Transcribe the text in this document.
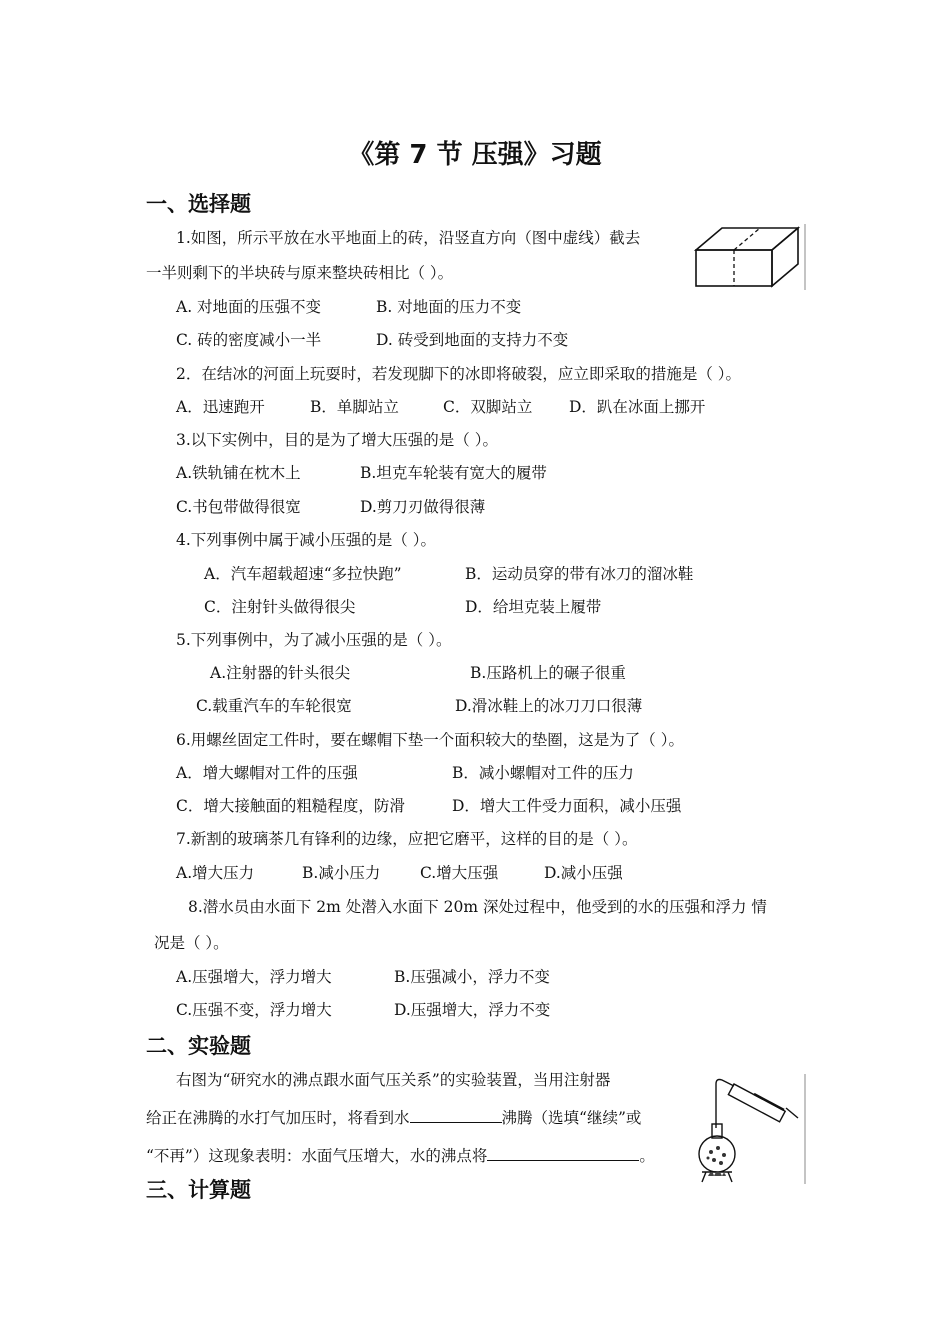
《第 7 节 压强》习题
一、选择题
1.如图，所示平放在水平地面上的砖，沿竖直方向（图中虚线）截去
一半则剩下的半块砖与原来整块砖相比（ ）。
A. 对地面的压强不变	B. 对地面的压力不变
C. 砖的密度减小一半	D. 砖受到地面的支持力不变
2．在结冰的河面上玩耍时，若发现脚下的冰即将破裂，应立即采取的措施是（ ）。
A．迅速跑开	B．单脚站立	C．双脚站立 D．趴在冰面上挪开
3.以下实例中，目的是为了增大压强的是（ ）。
A.铁轨铺在枕木上	B.坦克车轮装有宽大的履带
C.书包带做得很宽	D.剪刀刃做得很薄
4.下列事例中属于减小压强的是（ ）。
A．汽车超载超速“多拉快跑”	B．运动员穿的带有冰刀的溜冰鞋
C．注射针头做得很尖	D．给坦克装上履带
5.下列事例中，为了减小压强的是（ ）。
A.注射器的针头很尖	B.压路机上的碾子很重
C.载重汽车的车轮很宽	D.滑冰鞋上的冰刀刀口很薄
6.用螺丝固定工件时，要在螺帽下垫一个面积较大的垫圈，这是为了（ ）。
A．增大螺帽对工件的压强	B．减小螺帽对工件的压力
C．增大接触面的粗糙程度，防滑	D．增大工件受力面积，减小压强
7.新割的玻璃茶几有锋利的边缘，应把它磨平，这样的目的是（ ）。
A.增大压力	B.减小压力	C.增大压强	D.减小压强
8.潜水员由水面下 2m 处潜入水面下 20m 深处过程中，他受到的水的压强和浮力 情
况是（ ）。
A.压强增大，浮力增大	B.压强减小，浮力不变
C.压强不变，浮力增大	D.压强增大，浮力不变
二、实验题
右图为“研究水的沸点跟水面气压关系”的实验装置，当用注射器
给正在沸腾的水打气加压时，将看到水	沸腾（选填“继续”或
“不再”）这现象表明：水面气压增大，水的沸点将	。
三、计算题
